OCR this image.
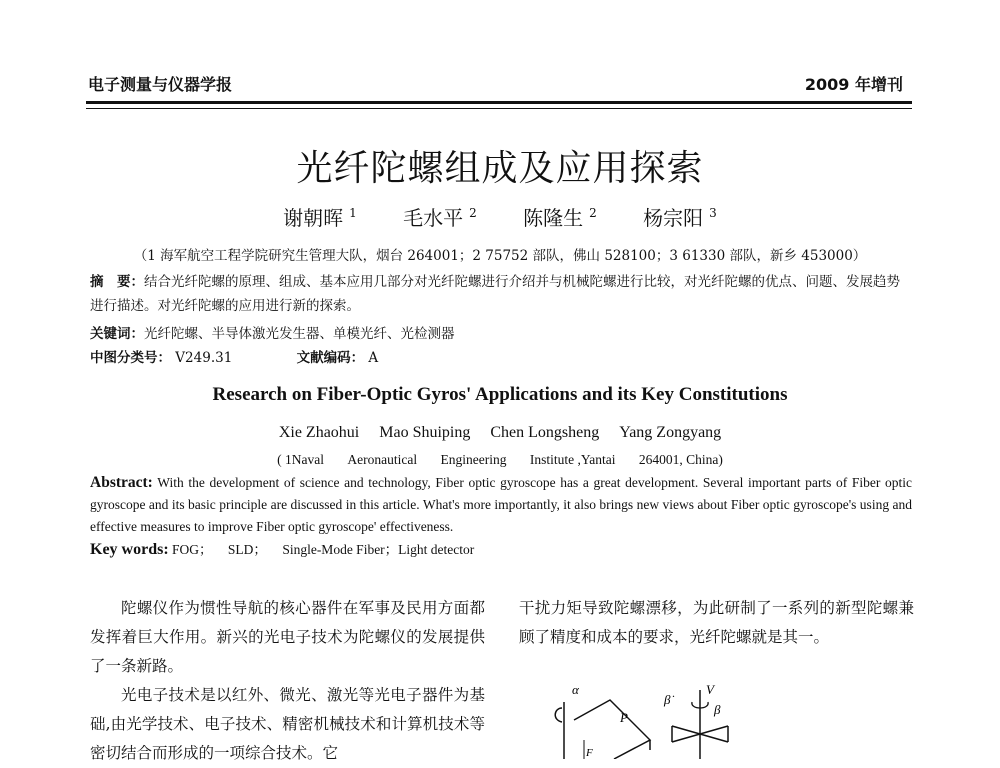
电子测量与仪器学报	2009 年增刊
光纤陀螺组成及应用探索
谢朝晖 $^1$ 毛水平 $^2$ 陈隆生 $^2$ 杨宗阳 $^3$
（1 海军航空工程学院研究生管理大队，烟台 264001；2 75752 部队，佛山 528100；3 61330 部队，新乡 453000）
摘　要：结合光纤陀螺的原理、组成、基本应用几部分对光纤陀螺进行介绍并与机械陀螺进行比较，对光纤陀螺的优点、问题、发展趋势进行描述。对光纤陀螺的应用进行新的探索。
关键词：光纤陀螺、半导体激光发生器、单模光纤、光检测器
中图分类号： V249.31	文献编码： A
Research on Fiber-Optic Gyros' Applications and its Key Constitutions
Xie Zhaohui Mao Shuiping Chen Longsheng Yang Zongyang
( 1Naval Aeronautical Engineering Institute ,Yantai 264001, China)
Abstract: With the development of science and technology, Fiber optic gyroscope has a great development. Several important parts of Fiber optic gyroscope and its basic principle are discussed in this article. What's more importantly, it also brings new views about Fiber optic gyroscope's using and effective measures to improve Fiber optic gyroscope' effectiveness.
Key words: FOG； SLD； Single-Mode Fiber；Light detector
陀螺仪作为惯性导航的核心器件在军事及民用方面都发挥着巨大作用。新兴的光电子技术为陀螺仪的发展提供了一条新路。
光电子技术是以红外、微光、激光等光电子器件为基础,由光学技术、电子技术、精密机械技术和计算机技术等密切结合而形成的一项综合技术。它
干扰力矩导致陀螺漂移，为此研制了一系列的新型陀螺兼顾了精度和成本的要求，光纤陀螺就是其一。
α
P
F
β̇
V
β
